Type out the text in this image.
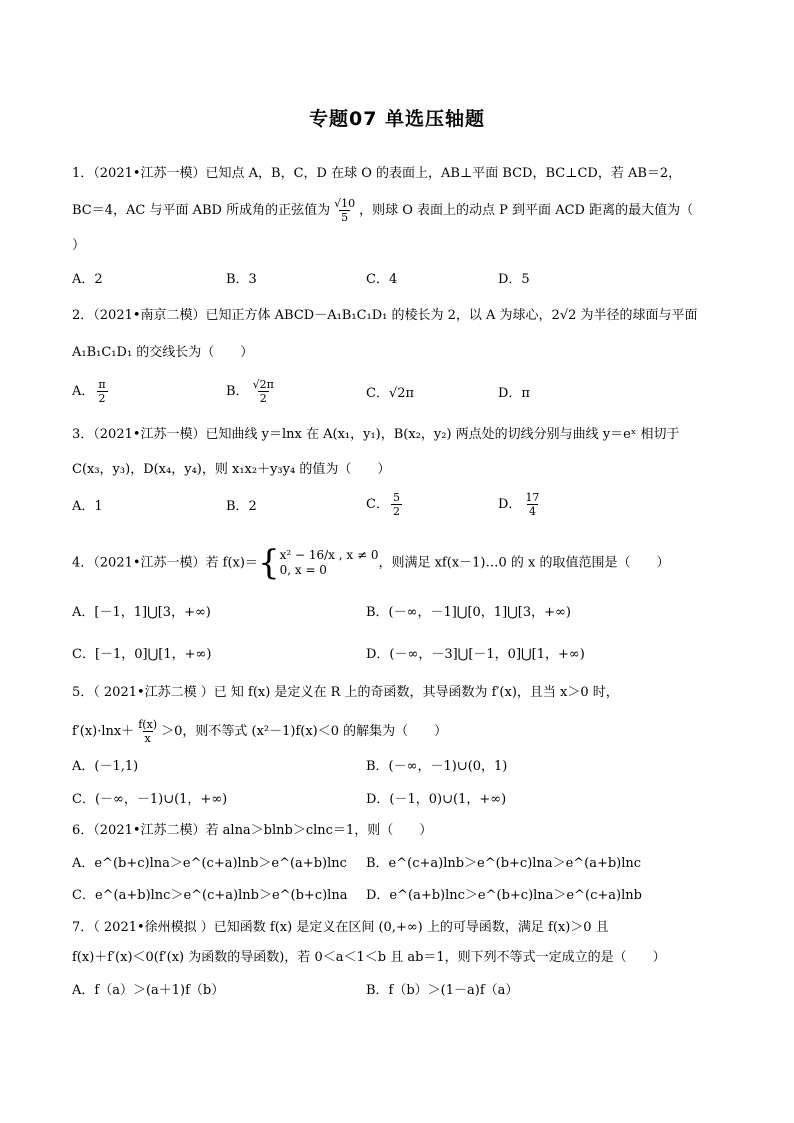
专题07 单选压轴题
1．（2021•江苏一模）已知点 A，B，C，D 在球 O 的表面上，AB⊥平面 BCD，BC⊥CD，若 AB＝2，
BC＝4，AC 与平面 ABD 所成角的正弦值为 $\frac{√10}{5}$ ，则球 O 表面上的动点 P 到平面 ACD 距离的最大值为（
）
A．2	B．3	C．4	D．5
2．（2021•南京二模）已知正方体 ABCD－A₁B₁C₁D₁ 的棱长为 2，以 A 为球心，2√2 为半径的球面与平面
A₁B₁C₁D₁ 的交线长为（　　）
A． $\frac{\pi}{2}$	B． $\frac{√2\pi}{2}$	C．√2π	D．π
3．（2021•江苏一模）已知曲线 y＝lnx 在 A(x₁，y₁)，B(x₂，y₂) 两点处的切线分别与曲线 y＝eˣ 相切于
C(x₃，y₃)，D(x₄，y₄)，则 x₁x₂＋y₃y₄ 的值为（　　）
A．1	B．2	C． $\frac{5}{2}$	D． $\frac{17}{4}$
4．（2021•江苏一模）若 f(x)＝ { x² − 16/x , x ≠ 0
0, x = 0	，则满足 xf(x－1)…0 的 x 的取值范围是（　　）
A．[－1，1]⋃[3，+∞)	B．(－∞，－1]⋃[0，1]⋃[3，+∞)
C．[－1，0]⋃[1，+∞)	D．(－∞，－3]⋃[－1，0]⋃[1，+∞)
5．（ 2021•江苏二模 ）已 知 f(x) 是定义在 R 上的奇函数，其导函数为 f′(x)，且当 x＞0 时，
$f'(x)\cdot\ln x+ \frac{f(x)}{x} >0$，则不等式 (x²－1)f(x)＜0 的解集为（　　）
A．(－1,1)	B．(－∞，－1)∪(0，1)
C．(－∞，－1)∪(1，+∞)	D．(－1，0)∪(1，+∞)
6．（2021•江苏二模）若 alna＞blnb＞clnc＝1，则（　　）
A．e^(b+c)lna＞e^(c+a)lnb＞e^(a+b)lnc B．e^(c+a)lnb＞e^(b+c)lna＞e^(a+b)lnc
C．e^(a+b)lnc＞e^(c+a)lnb＞e^(b+c)lna D．e^(a+b)lnc＞e^(b+c)lna＞e^(c+a)lnb
7．（ 2021•徐州模拟 ）已知函数 f(x) 是定义在区间 (0,+∞) 上的可导函数，满足 f(x)＞0 且
f(x)＋f′(x)＜0(f′(x) 为函数的导函数)，若 0＜a＜1＜b 且 ab＝1，则下列不等式一定成立的是（　　）
A．f（a）＞(a＋1)f（b）	B．f（b）＞(1－a)f（a）
